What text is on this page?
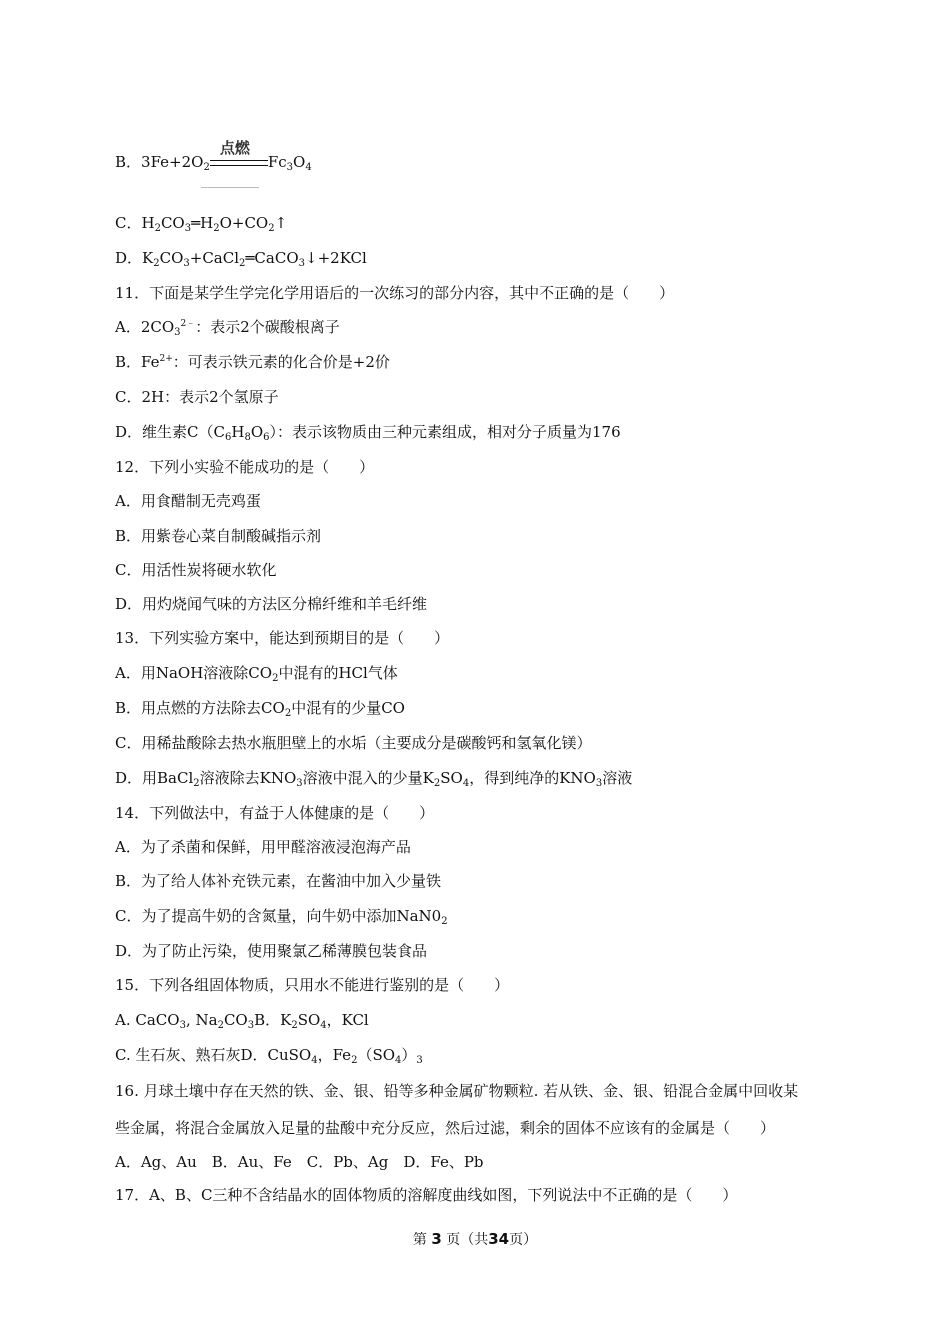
B．$3Fe+2O_2$
点燃
$Fc_3O_4$
C．$H_2CO_3═H_2O+CO_2↑$
D．$K_2CO_3+CaCl_2═CaCO_3↓+2KCl$
11．下面是某学生学完化学用语后的一次练习的部分内容，其中不正确的是（　　）
A．$2CO_3^{2﹣}$：表示2个碳酸根离子
B．$Fe^{2+}$：可表示铁元素的化合价是+2价
C．2H：表示2个氢原子
D．维生素$C(C_6H_8O_6)$：表示该物质由三种元素组成，相对分子质量为176
12．下列小实验不能成功的是（　　）
A．用食醋制无壳鸡蛋
B．用紫卷心菜自制酸碱指示剂
C．用活性炭将硬水软化
D．用灼烧闻气味的方法区分棉纤维和羊毛纤维
13．下列实验方案中，能达到预期目的是（　　）
A．用NaOH溶液除$CO_2$中混有的HCl气体
B．用点燃的方法除去$CO_2$中混有的少量CO
C．用稀盐酸除去热水瓶胆壁上的水垢（主要成分是碳酸钙和氢氧化镁）
D．用BaCl$_2$溶液除去$KNO_3$溶液中混入的少量$K_2SO_4$，得到纯净的$KNO_3$溶液
14．下列做法中，有益于人体健康的是（　　）
A．为了杀菌和保鲜，用甲醛溶液浸泡海产品
B．为了给人体补充铁元素，在酱油中加入少量铁
C．为了提高牛奶的含氮量，向牛奶中添加$NaN0_2$
D．为了防止污染，使用聚氯乙稀薄膜包装食品
15．下列各组固体物质，只用水不能进行鉴别的是（　　）
A. CaCO$_3$, $Na_2CO_3B$．$K_2SO_4$，KCl
C. 生石灰、熟石灰D．CuSO$_4$，$Fe_2(SO_4)_3$
16. 月球土壤中存在天然的铁、金、银、铅等多种金属矿物颗粒. 若从铁、金、银、铅混合金属中回收某
些金属，将混合金属放入足量的盐酸中充分反应，然后过滤，剩余的固体不应该有的金属是（　　）
A．Ag、Au　B．Au、Fe　C．Pb、Ag　D．Fe、Pb
17．A、B、C三种不含结晶水的固体物质的溶解度曲线如图，下列说法中不正确的是（　　）
第 3 页（共34页）
